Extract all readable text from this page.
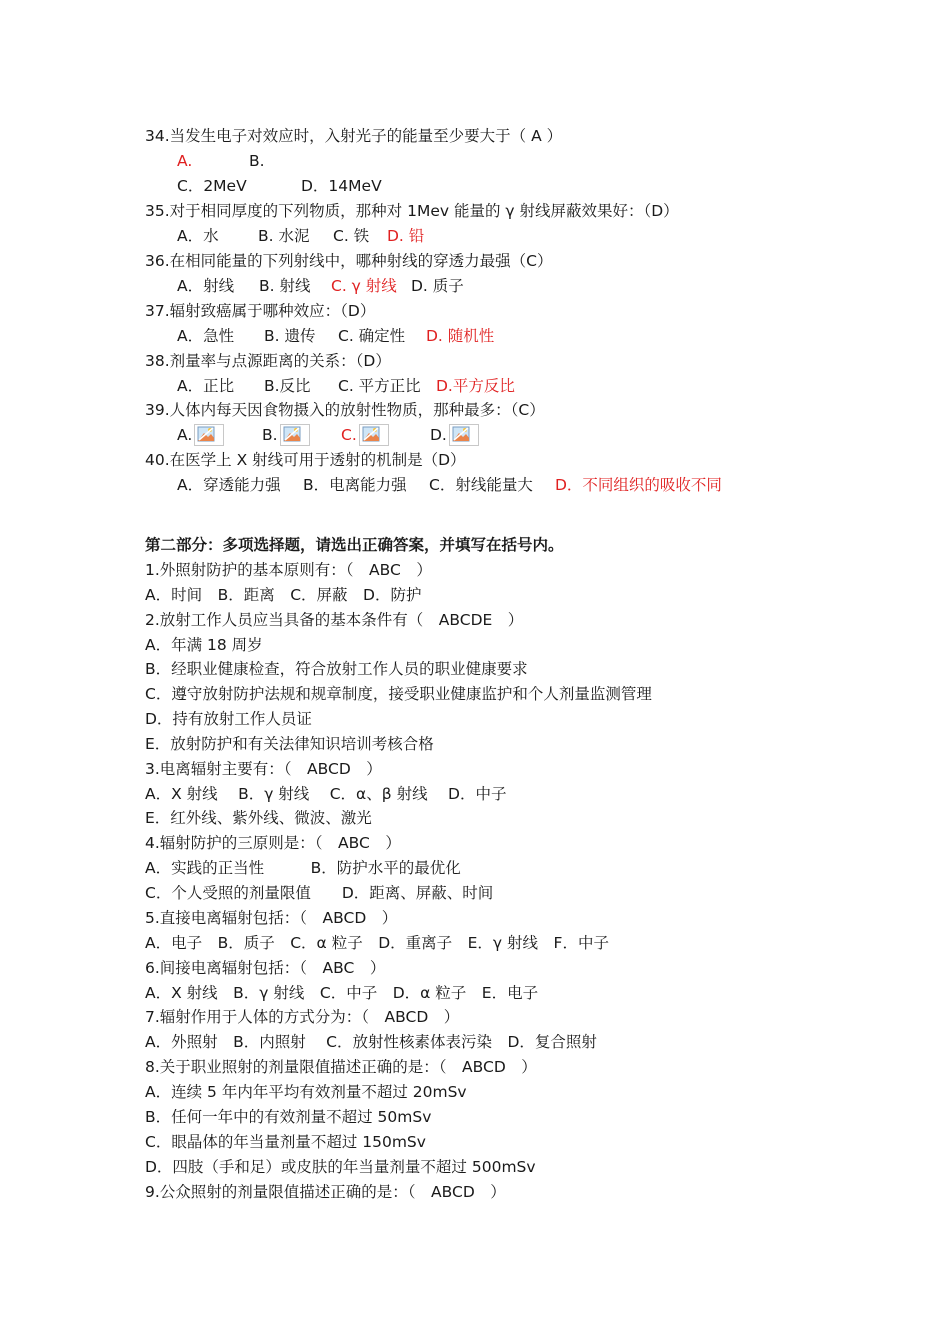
34.当发生电子对效应时，入射光子的能量至少要大于（ A ）
A.	B.
C．2MeV	D．14MeV
35.对于相同厚度的下列物质，那种对 1Mev 能量的 γ 射线屏蔽效果好：（D）
A．水	B. 水泥 C. 铁 D. 铅
36.在相同能量的下列射线中，哪种射线的穿透力最强（C）
A．射线 B. 射线 C. γ 射线 D. 质子
37.辐射致癌属于哪种效应：（D）
A．急性 B. 遗传 C. 确定性 D. 随机性
38.剂量率与点源距离的关系：（D）
A．正比 B.反比 C. 平方正比 D.平方反比
39.人体内每天因食物摄入的放射性物质，那种最多：（C）
A.	B.	C.	D.
40.在医学上 X 射线可用于透射的机制是（D）
A．穿透能力强 B．电离能力强 C．射线能量大 D．不同组织的吸收不同
第二部分：多项选择题，请选出正确答案，并填写在括号内。
1.外照射防护的基本原则有：（　ABC　）
A．时间　B．距离　C．屏蔽　D．防护
2.放射工作人员应当具备的基本条件有（　ABCDE　）
A．年满 18 周岁
B．经职业健康检查，符合放射工作人员的职业健康要求
C．遵守放射防护法规和规章制度，接受职业健康监护和个人剂量监测管理
D．持有放射工作人员证
E．放射防护和有关法律知识培训考核合格
3.电离辐射主要有：（　ABCD　）
A．X 射线　 B．γ 射线　 C．α、β 射线　 D．中子
E．红外线、紫外线、微波、激光
4.辐射防护的三原则是：（　ABC　）
A．实践的正当性　　　B．防护水平的最优化
C．个人受照的剂量限值　　D．距离、屏蔽、时间
5.直接电离辐射包括：（　ABCD　）
A．电子　B．质子　C．α 粒子　D．重离子　E．γ 射线　F．中子
6.间接电离辐射包括：（　ABC　）
A．X 射线　B．γ 射线　C．中子　D．α 粒子　E．电子
7.辐射作用于人体的方式分为：（　ABCD　）
A．外照射　B．内照射　 C．放射性核素体表污染　D．复合照射
8.关于职业照射的剂量限值描述正确的是：（　ABCD　）
A．连续 5 年内年平均有效剂量不超过 20mSv
B．任何一年中的有效剂量不超过 50mSv
C．眼晶体的年当量剂量不超过 150mSv
D．四肢（手和足）或皮肤的年当量剂量不超过 500mSv
9.公众照射的剂量限值描述正确的是：（　ABCD　）
